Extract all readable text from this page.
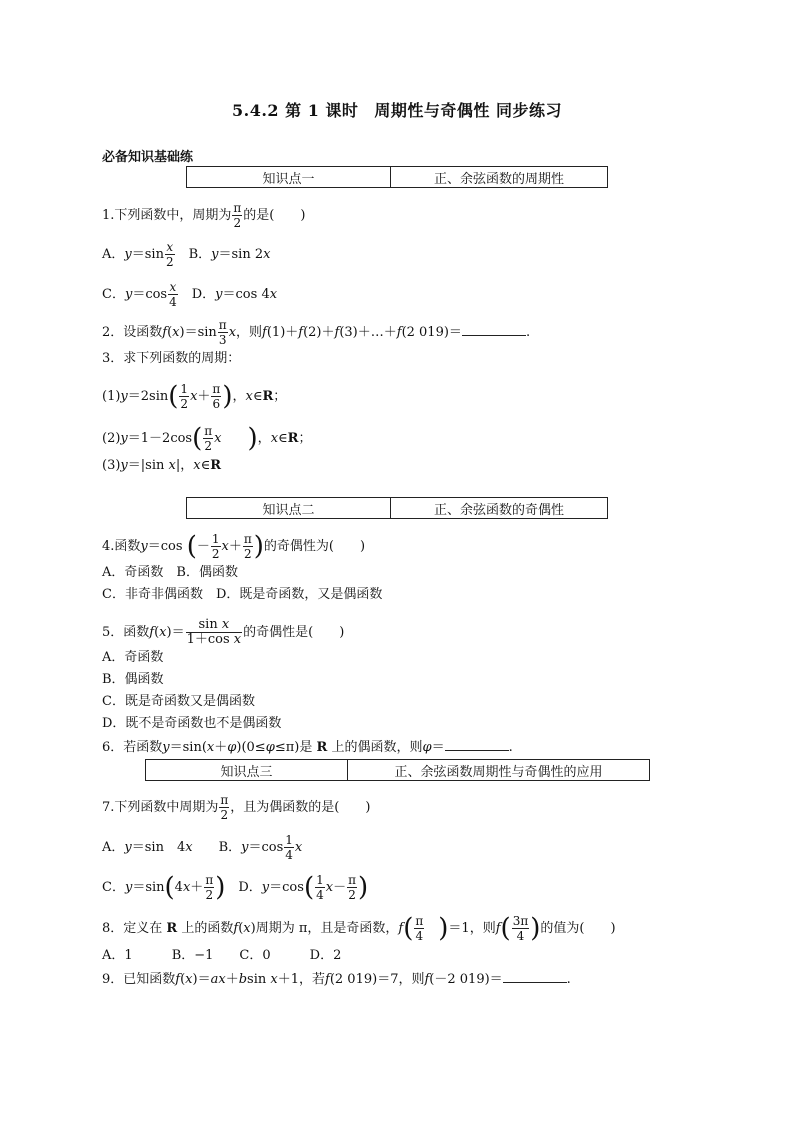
5.4.2 第 1 课时 周期性与奇偶性 同步练习
必备知识基础练
知识点一	正、余弦函数的周期性
1.下列函数中，周期为 $\frac{\pi}{2}$ 的是(　　)
A．$y=\sin \frac{x}{2}$ 　B．y＝sin 2x
C．$y=\cos \frac{x}{4}$ 　D．y＝cos 4x
2．设函数$f(x)=\sin \frac{\pi}{3}$ x，则f(1)＋f(2)＋f(3)＋…＋f(2 019)＝	.
3．求下列函数的周期：
$(1)y=2\sin( \frac{1}{2} x+ \frac{\pi}{6}$ )，x∈R；
$(2)y=1-2\cos( \frac{\pi}{2}$ x　　 )，x∈R；
(3)y＝|sin x|，x∈R
知识点二	正、余弦函数的奇偶性
4.函数y＝cos (－ $\frac{1}{2} x+ \frac{\pi}{2}$ )的奇偶性为(　　)
A．奇函数　 B．偶函数
C．非奇非偶函数　 D．既是奇函数，又是偶函数
5．函数$f(x)= \frac{\text{sin x}}{\text{1＋cos x}}$ 的奇偶性是(　　)
A．奇函数
B．偶函数
C．既是奇函数又是偶函数
D．既不是奇函数也不是偶函数
6．若函数y＝sin(x＋φ)(0≤φ≤π)是 R 上的偶函数，则φ＝	.
知识点三	正、余弦函数周期性与奇偶性的应用
7.下列函数中周期为 $\frac{\pi}{2}$ ，且为偶函数的是(　　)
A．y＝sin　4x　　B．$y=\cos \frac{1}{4}$ x
C．$y=\sin(4x+ \frac{\pi}{2}$ )　D．$y=\cos( \frac{1}{4} x- \frac{\pi}{2}$ )
8．定义在 R 上的函数f(x)周期为 π，且是奇函数，$f( \frac{\pi}{4}$
　 )＝1，则$f( \frac{3\pi}{4}$ )的值为(　　)
A．1　　　	B．−1　　 C．0　　　	D．2
9．已知函数f(x)＝ax＋bsin x＋1，若f(2 019)＝7，则f(－2 019)＝	.
